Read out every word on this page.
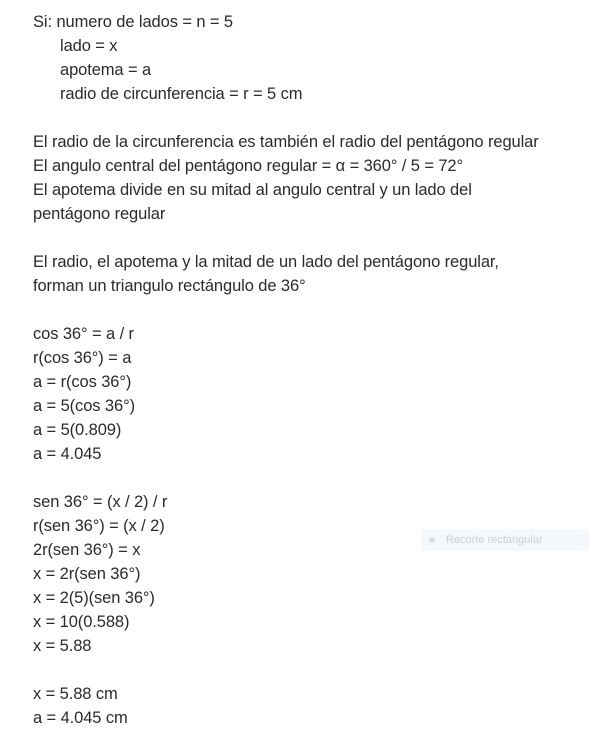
Si: numero de lados = n = 5
lado = x
apotema = a
radio de circunferencia = r = 5 cm
El radio de la circunferencia es también el radio del pentágono regular
El angulo central del pentágono regular = α = 360° / 5 = 72°
El apotema divide en su mitad al angulo central y un lado del
pentágono regular
El radio, el apotema y la mitad de un lado del pentágono regular,
forman un triangulo rectángulo de 36°
cos 36° = a / r
r(cos 36°) = a
a = r(cos 36°)
a = 5(cos 36°)
a = 5(0.809)
a = 4.045
sen 36° = (x / 2) / r
r(sen 36°) = (x / 2)
2r(sen 36°) = x
x = 2r(sen 36°)
x = 2(5)(sen 36°)
x = 10(0.588)
x = 5.88
x = 5.88 cm
a = 4.045 cm
Recorte rectangular
